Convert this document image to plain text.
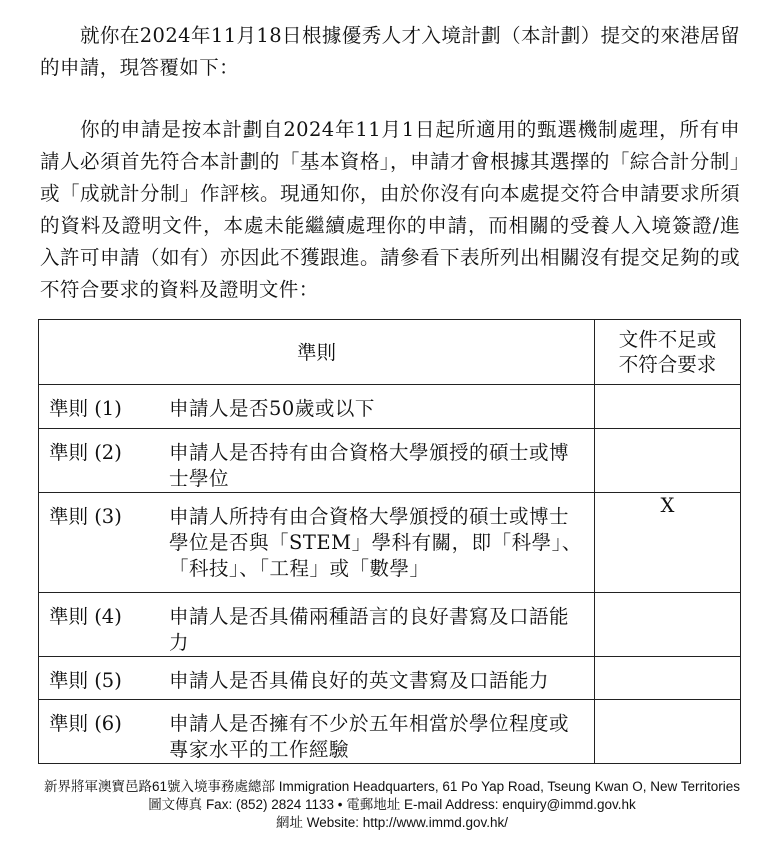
就你在2024年11月18日根據優秀人才入境計劃（本計劃）提交的來港居留的申請，現答覆如下：

你的申請是按本計劃自2024年11月1日起所適用的甄選機制處理，所有申請人必須首先符合本計劃的「基本資格」，申請才會根據其選擇的「綜合計分制」或「成就計分制」作評核。現通知你，由於你沒有向本處提交符合申請要求所須的資料及證明文件，本處未能繼續處理你的申請，而相關的受養人入境簽證/進入許可申請（如有）亦因此不獲跟進。請參看下表所列出相關沒有提交足夠的或不符合要求的資料及證明文件：

準則	文件不足或
不符合要求

準則 (1) 申請人是否50歲或以下	

準則 (2) 申請人是否持有由合資格大學頒授的碩士或博士學位	

準則 (3) 申請人所持有由合資格大學頒授的碩士或博士學位是否與「STEM」學科有關，即「科學」、「科技」、「工程」或「數學」	X

準則 (4) 申請人是否具備兩種語言的良好書寫及口語能力	

準則 (5) 申請人是否具備良好的英文書寫及口語能力	

準則 (6) 申請人是否擁有不少於五年相當於學位程度或專家水平的工作經驗	

新界將軍澳寶邑路61號入境事務處總部 Immigration Headquarters, 61 Po Yap Road, Tseung Kwan O, New Territories
圖文傳真 Fax: (852) 2824 1133 • 電郵地址 E-mail Address: enquiry@immd.gov.hk
網址 Website: http://www.immd.gov.hk/
